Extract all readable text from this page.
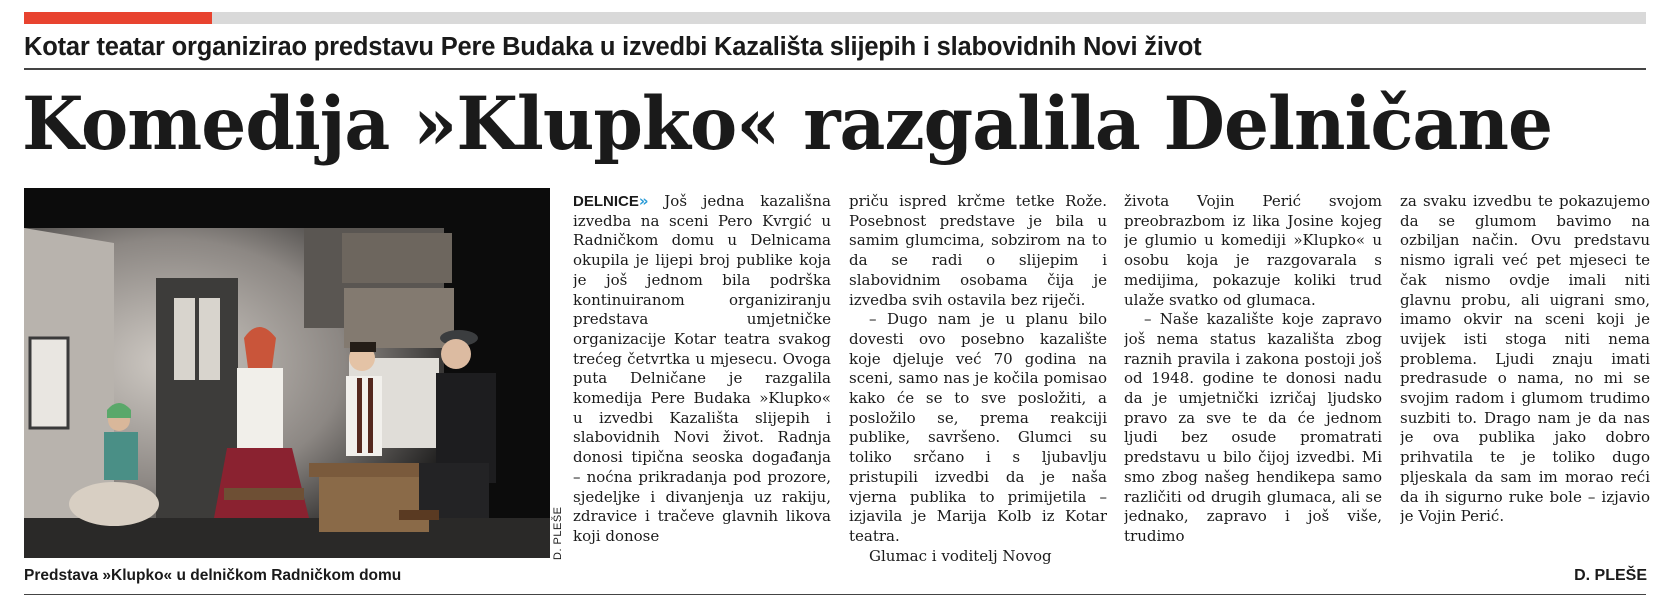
Kotar teatar organizirao predstavu Pere Budaka u izvedbi Kazališta slijepih i slabovidnih Novi život
Komedija »Klupko« razgalila Delničane
D. PLEŠE
Predstava »Klupko« u delničkom Radničkom domu

DELNICE» Još jedna kazališna izvedba na sceni Pero Kvrgić u Radničkom domu u Delnicama okupila je lijepi broj publike koja je još jednom bila podrška kontinuiranom organiziranju predstava umjetničke organizacije Kotar teatra svakog trećeg četvrtka u mjesecu. Ovoga puta Delničane je razgalila komedija Pere Budaka »Klupko« u izvedbi Kazališta slijepih i slabovidnih Novi život. Radnja donosi tipična seoska događanja – noćna prikradanja pod prozore, sjedeljke i divanjenja uz rakiju, zdravice i tračeve glavnih likova koji donose

priču ispred krčme tetke Rože. Posebnost predstave je bila u samim glumcima, sobzirom na to da se radi o slijepim i slabovidnim osobama čija je izvedba svih ostavila bez riječi.

– Dugo nam je u planu bilo dovesti ovo posebno kazalište koje djeluje već 70 godina na sceni, samo nas je kočila pomisao kako će se to sve posložiti, a posložilo se, prema reakciji publike, savršeno. Glumci su toliko srčano i s ljubavlju pristupili izvedbi da je naša vjerna publika to primijetila – izjavila je Marija Kolb iz Kotar teatra.

Glumac i voditelj Novog

života Vojin Perić svojom preobrazbom iz lika Josine kojeg je glumio u komediji »Klupko« u osobu koja je razgovarala s medijima, pokazuje koliki trud ulaže svatko od glumaca.

– Naše kazalište koje zapravo još nema status kazališta zbog raznih pravila i zakona postoji još od 1948. godine te donosi nadu da je umjetnički izričaj ljudsko pravo za sve te da će jednom ljudi bez osude promatrati predstavu u bilo čijoj izvedbi. Mi smo zbog našeg hendikepa samo različiti od drugih glumaca, ali se jednako, zapravo i još više, trudimo

za svaku izvedbu te pokazujemo da se glumom bavimo na ozbiljan način. Ovu predstavu nismo igrali već pet mjeseci te čak nismo ovdje imali niti glavnu probu, ali uigrani smo, imamo okvir na sceni koji je uvijek isti stoga niti nema problema. Ljudi znaju imati predrasude o nama, no mi se svojim radom i glumom trudimo suzbiti to. Drago nam je da nas je ova publika jako dobro prihvatila te je toliko dugo pljeskala da sam im morao reći da ih sigurno ruke bole – izjavio je Vojin Perić.

D. PLEŠE
